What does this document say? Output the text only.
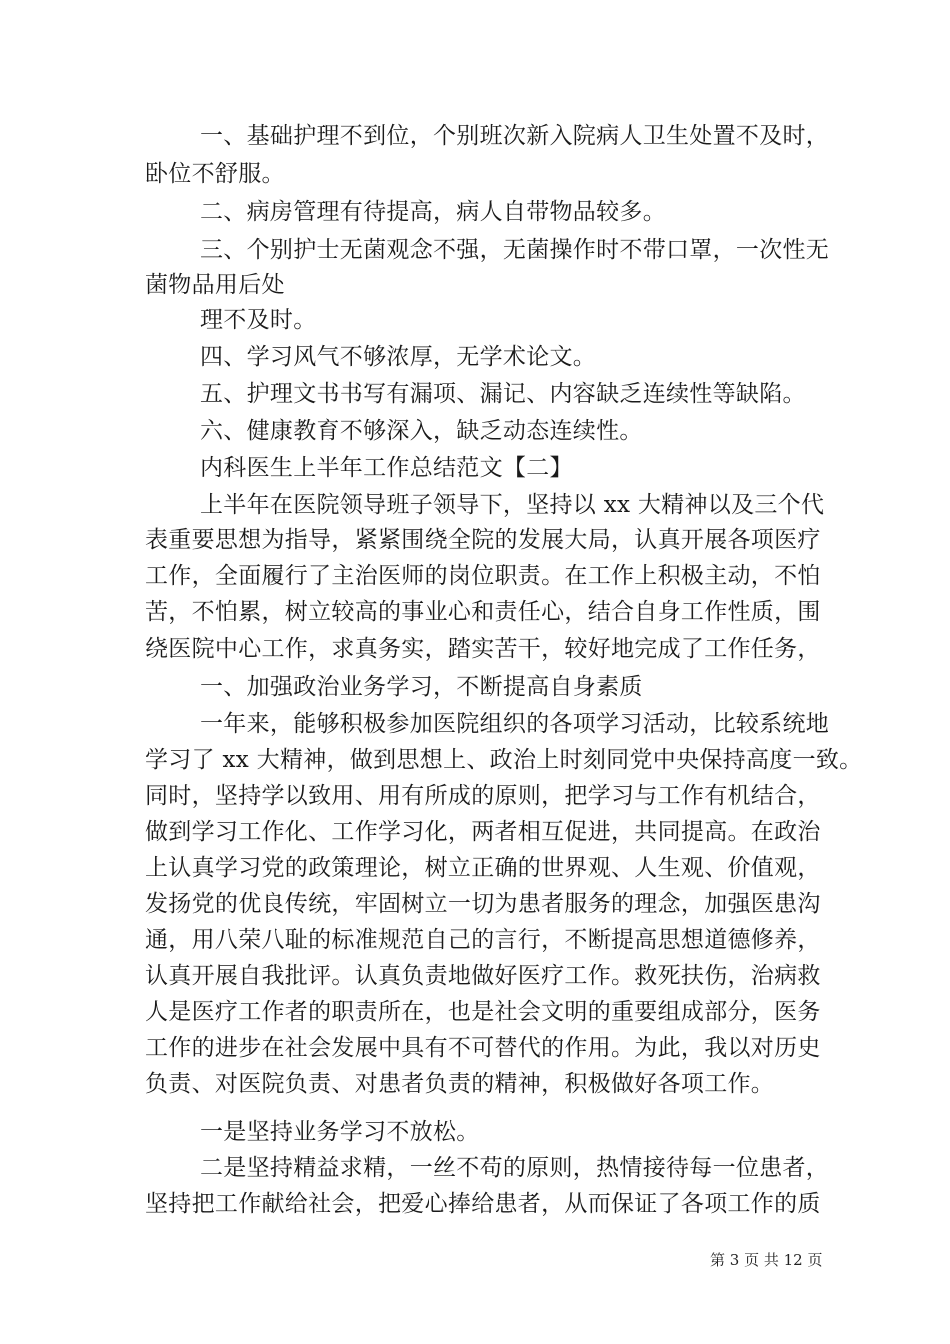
一、基础护理不到位，个别班次新入院病人卫生处置不及时，
卧位不舒服。
二、病房管理有待提高，病人自带物品较多。
三、个别护士无菌观念不强，无菌操作时不带口罩，一次性无
菌物品用后处
理不及时。
四、学习风气不够浓厚，无学术论文。
五、护理文书书写有漏项、漏记、内容缺乏连续性等缺陷。
六、健康教育不够深入，缺乏动态连续性。
内科医生上半年工作总结范文【二】
上半年在医院领导班子领导下，坚持以 xx 大精神以及三个代
表重要思想为指导，紧紧围绕全院的发展大局，认真开展各项医疗
工作，全面履行了主治医师的岗位职责。在工作上积极主动，不怕
苦，不怕累，树立较高的事业心和责任心，结合自身工作性质，围
绕医院中心工作，求真务实，踏实苦干，较好地完成了工作任务，
一、加强政治业务学习，不断提高自身素质
一年来，能够积极参加医院组织的各项学习活动，比较系统地
学习了 xx 大精神，做到思想上、政治上时刻同党中央保持高度一致。
同时，坚持学以致用、用有所成的原则，把学习与工作有机结合，
做到学习工作化、工作学习化，两者相互促进，共同提高。在政治
上认真学习党的政策理论，树立正确的世界观、人生观、价值观，
发扬党的优良传统，牢固树立一切为患者服务的理念，加强医患沟
通，用八荣八耻的标准规范自己的言行，不断提高思想道德修养，
认真开展自我批评。认真负责地做好医疗工作。救死扶伤，治病救
人是医疗工作者的职责所在，也是社会文明的重要组成部分，医务
工作的进步在社会发展中具有不可替代的作用。为此，我以对历史
负责、对医院负责、对患者负责的精神，积极做好各项工作。
一是坚持业务学习不放松。
二是坚持精益求精，一丝不苟的原则，热情接待每一位患者，
坚持把工作献给社会，把爱心捧给患者，从而保证了各项工作的质
第 3 页 共 12 页
